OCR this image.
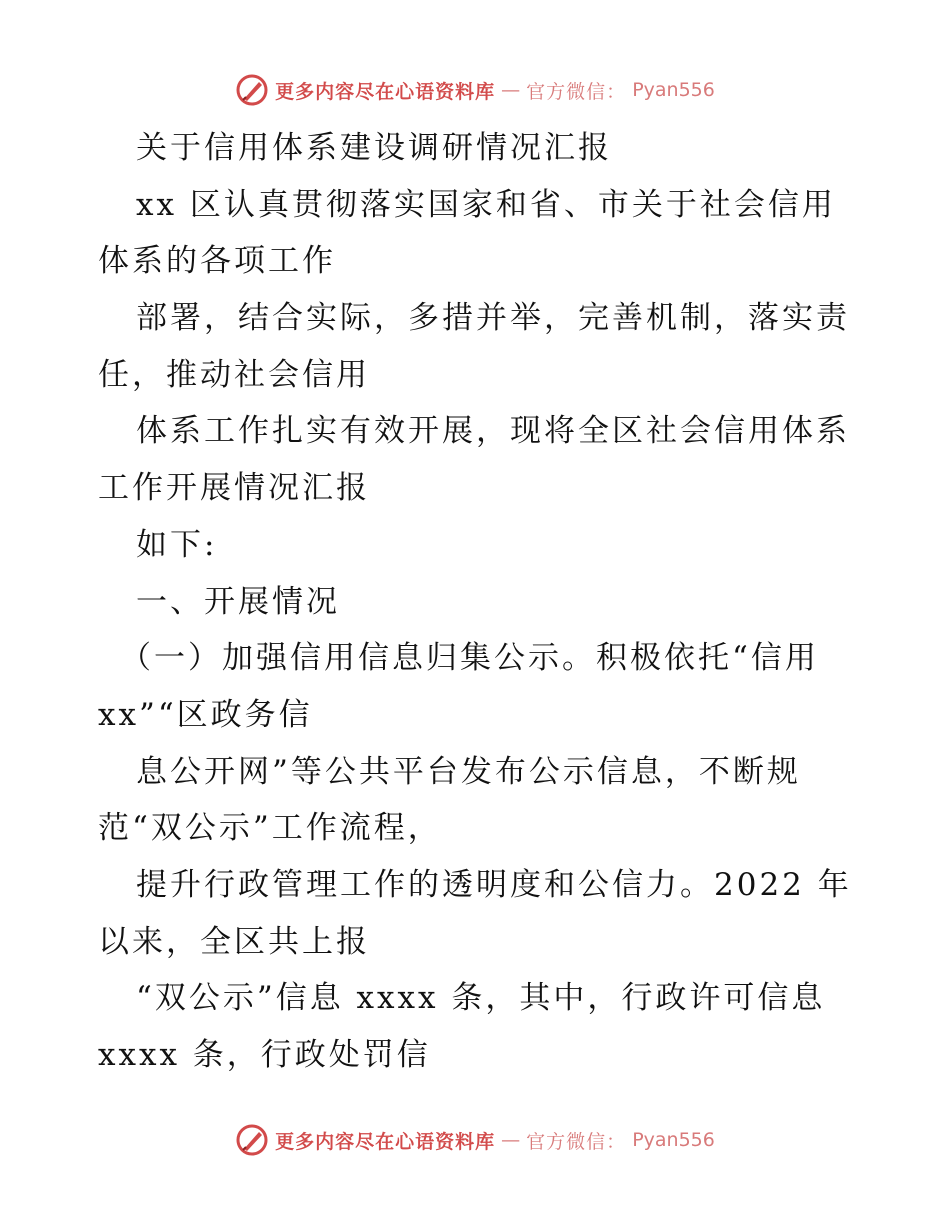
更多内容尽在心语资料库 — 官方微信： Pyan556
关于信用体系建设调研情况汇报
xx 区认真贯彻落实国家和省、市关于社会信用
体系的各项工作
部署，结合实际，多措并举，完善机制，落实责
任，推动社会信用
体系工作扎实有效开展，现将全区社会信用体系
工作开展情况汇报
如下:
一、开展情况
（一）加强信用信息归集公示。积极依托“信用
xx”“区政务信
息公开网”等公共平台发布公示信息，不断规
范“双公示”工作流程，
提升行政管理工作的透明度和公信力。2022 年
以来，全区共上报
“双公示”信息 xxxx 条，其中，行政许可信息
xxxx 条，行政处罚信
更多内容尽在心语资料库 — 官方微信： Pyan556
